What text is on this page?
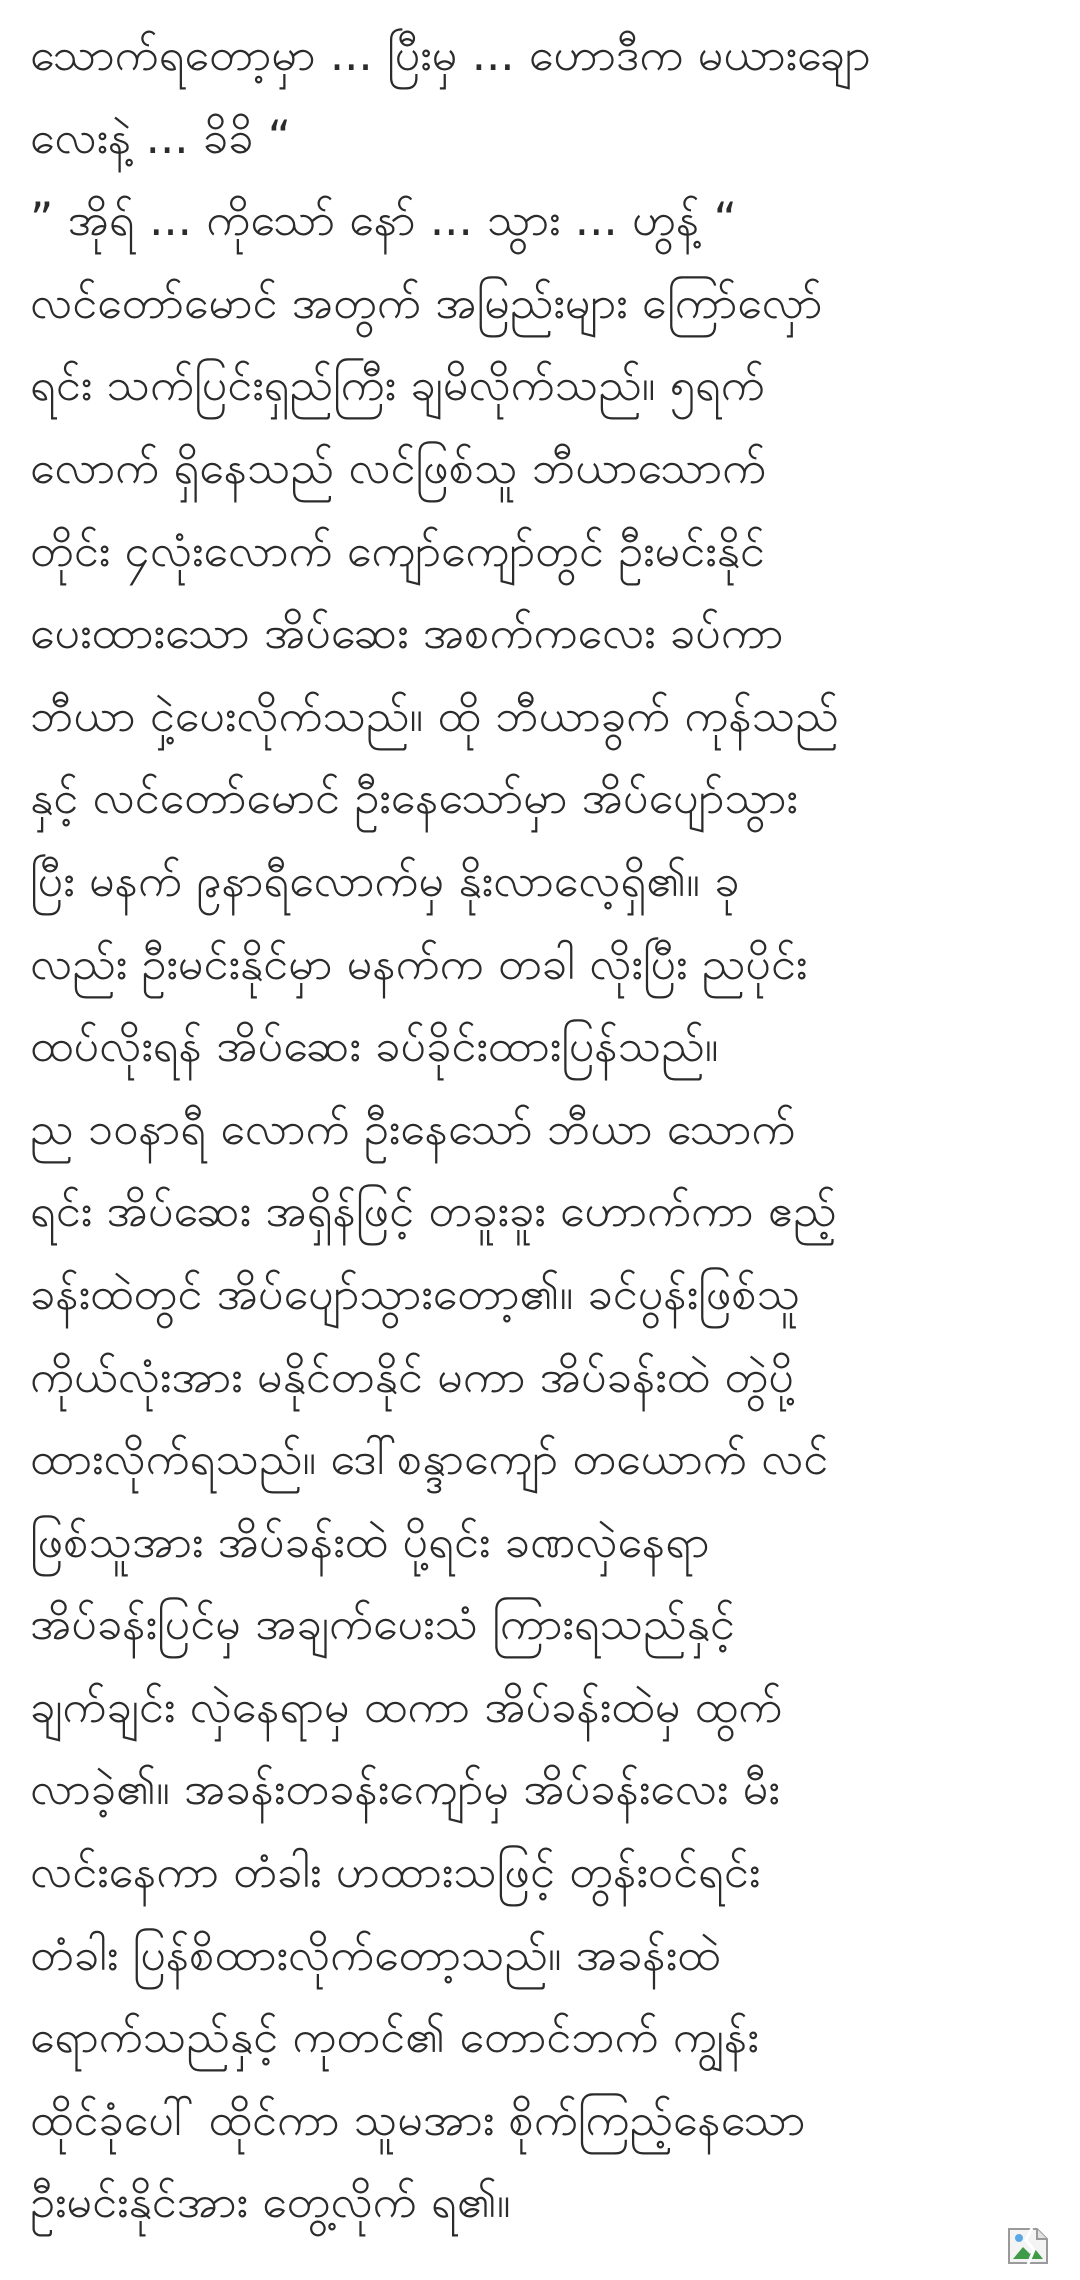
သောက်ရတော့မှာ ... ပြီးမှ ... ဟောဒီက မယားချော
လေးနဲ့ ... ခိခိ “
” အိုရ် ... ကိုသော် နော် ... သွား ... ဟွန့် “
လင်တော်မောင် အတွက် အမြည်းများ ကြော်လှော်
ရင်း သက်ပြင်းရှည်ကြီး ချမိလိုက်သည်။ ၅ရက်
လောက် ရှိနေသည် လင်ဖြစ်သူ ဘီယာသောက်
တိုင်း ၄လုံးလောက် ကျော်ကျော်တွင် ဦးမင်းနိုင်
ပေးထားသော အိပ်ဆေး အစက်ကလေး ခပ်ကာ
ဘီယာ ငှဲ့ပေးလိုက်သည်။ ထို ဘီယာခွက် ကုန်သည်
နှင့် လင်တော်မောင် ဦးနေသော်မှာ အိပ်ပျော်သွား
ပြီး မနက် ၉နာရီလောက်မှ နိုးလာလေ့ရှိ၏။ ခု
လည်း ဦးမင်းနိုင်မှာ မနက်က တခါ လိုးပြီး ညပိုင်း
ထပ်လိုးရန် အိပ်ဆေး ခပ်ခိုင်းထားပြန်သည်။
ည ၁၀နာရီ လောက် ဦးနေသော် ဘီယာ သောက်
ရင်း အိပ်ဆေး အရှိန်ဖြင့် တခူးခူး ဟောက်ကာ ဧည့်
ခန်းထဲတွင် အိပ်ပျော်သွားတော့၏။ ခင်ပွန်းဖြစ်သူ
ကိုယ်လုံးအား မနိုင်တနိုင် မကာ အိပ်ခန်းထဲ တွဲပို့
ထားလိုက်ရသည်။ ဒေါ်စန္ဒာကျော် တယောက် လင်
ဖြစ်သူအား အိပ်ခန်းထဲ ပို့ရင်း ခဏလှဲနေရာ
အိပ်ခန်းပြင်မှ အချက်ပေးသံ ကြားရသည်နှင့်
ချက်ချင်း လှဲနေရာမှ ထကာ အိပ်ခန်းထဲမှ ထွက်
လာခဲ့၏။ အခန်းတခန်းကျော်မှ အိပ်ခန်းလေး မီး
လင်းနေကာ တံခါး ဟထားသဖြင့် တွန်းဝင်ရင်း
တံခါး ပြန်စိထားလိုက်တော့သည်။ အခန်းထဲ
ရောက်သည်နှင့် ကုတင်၏ တောင်ဘက် ကျွန်း
ထိုင်ခုံပေါ် ထိုင်ကာ သူမအား စိုက်ကြည့်နေသော
ဦးမင်းနိုင်အား တွေ့လိုက် ရ၏။
